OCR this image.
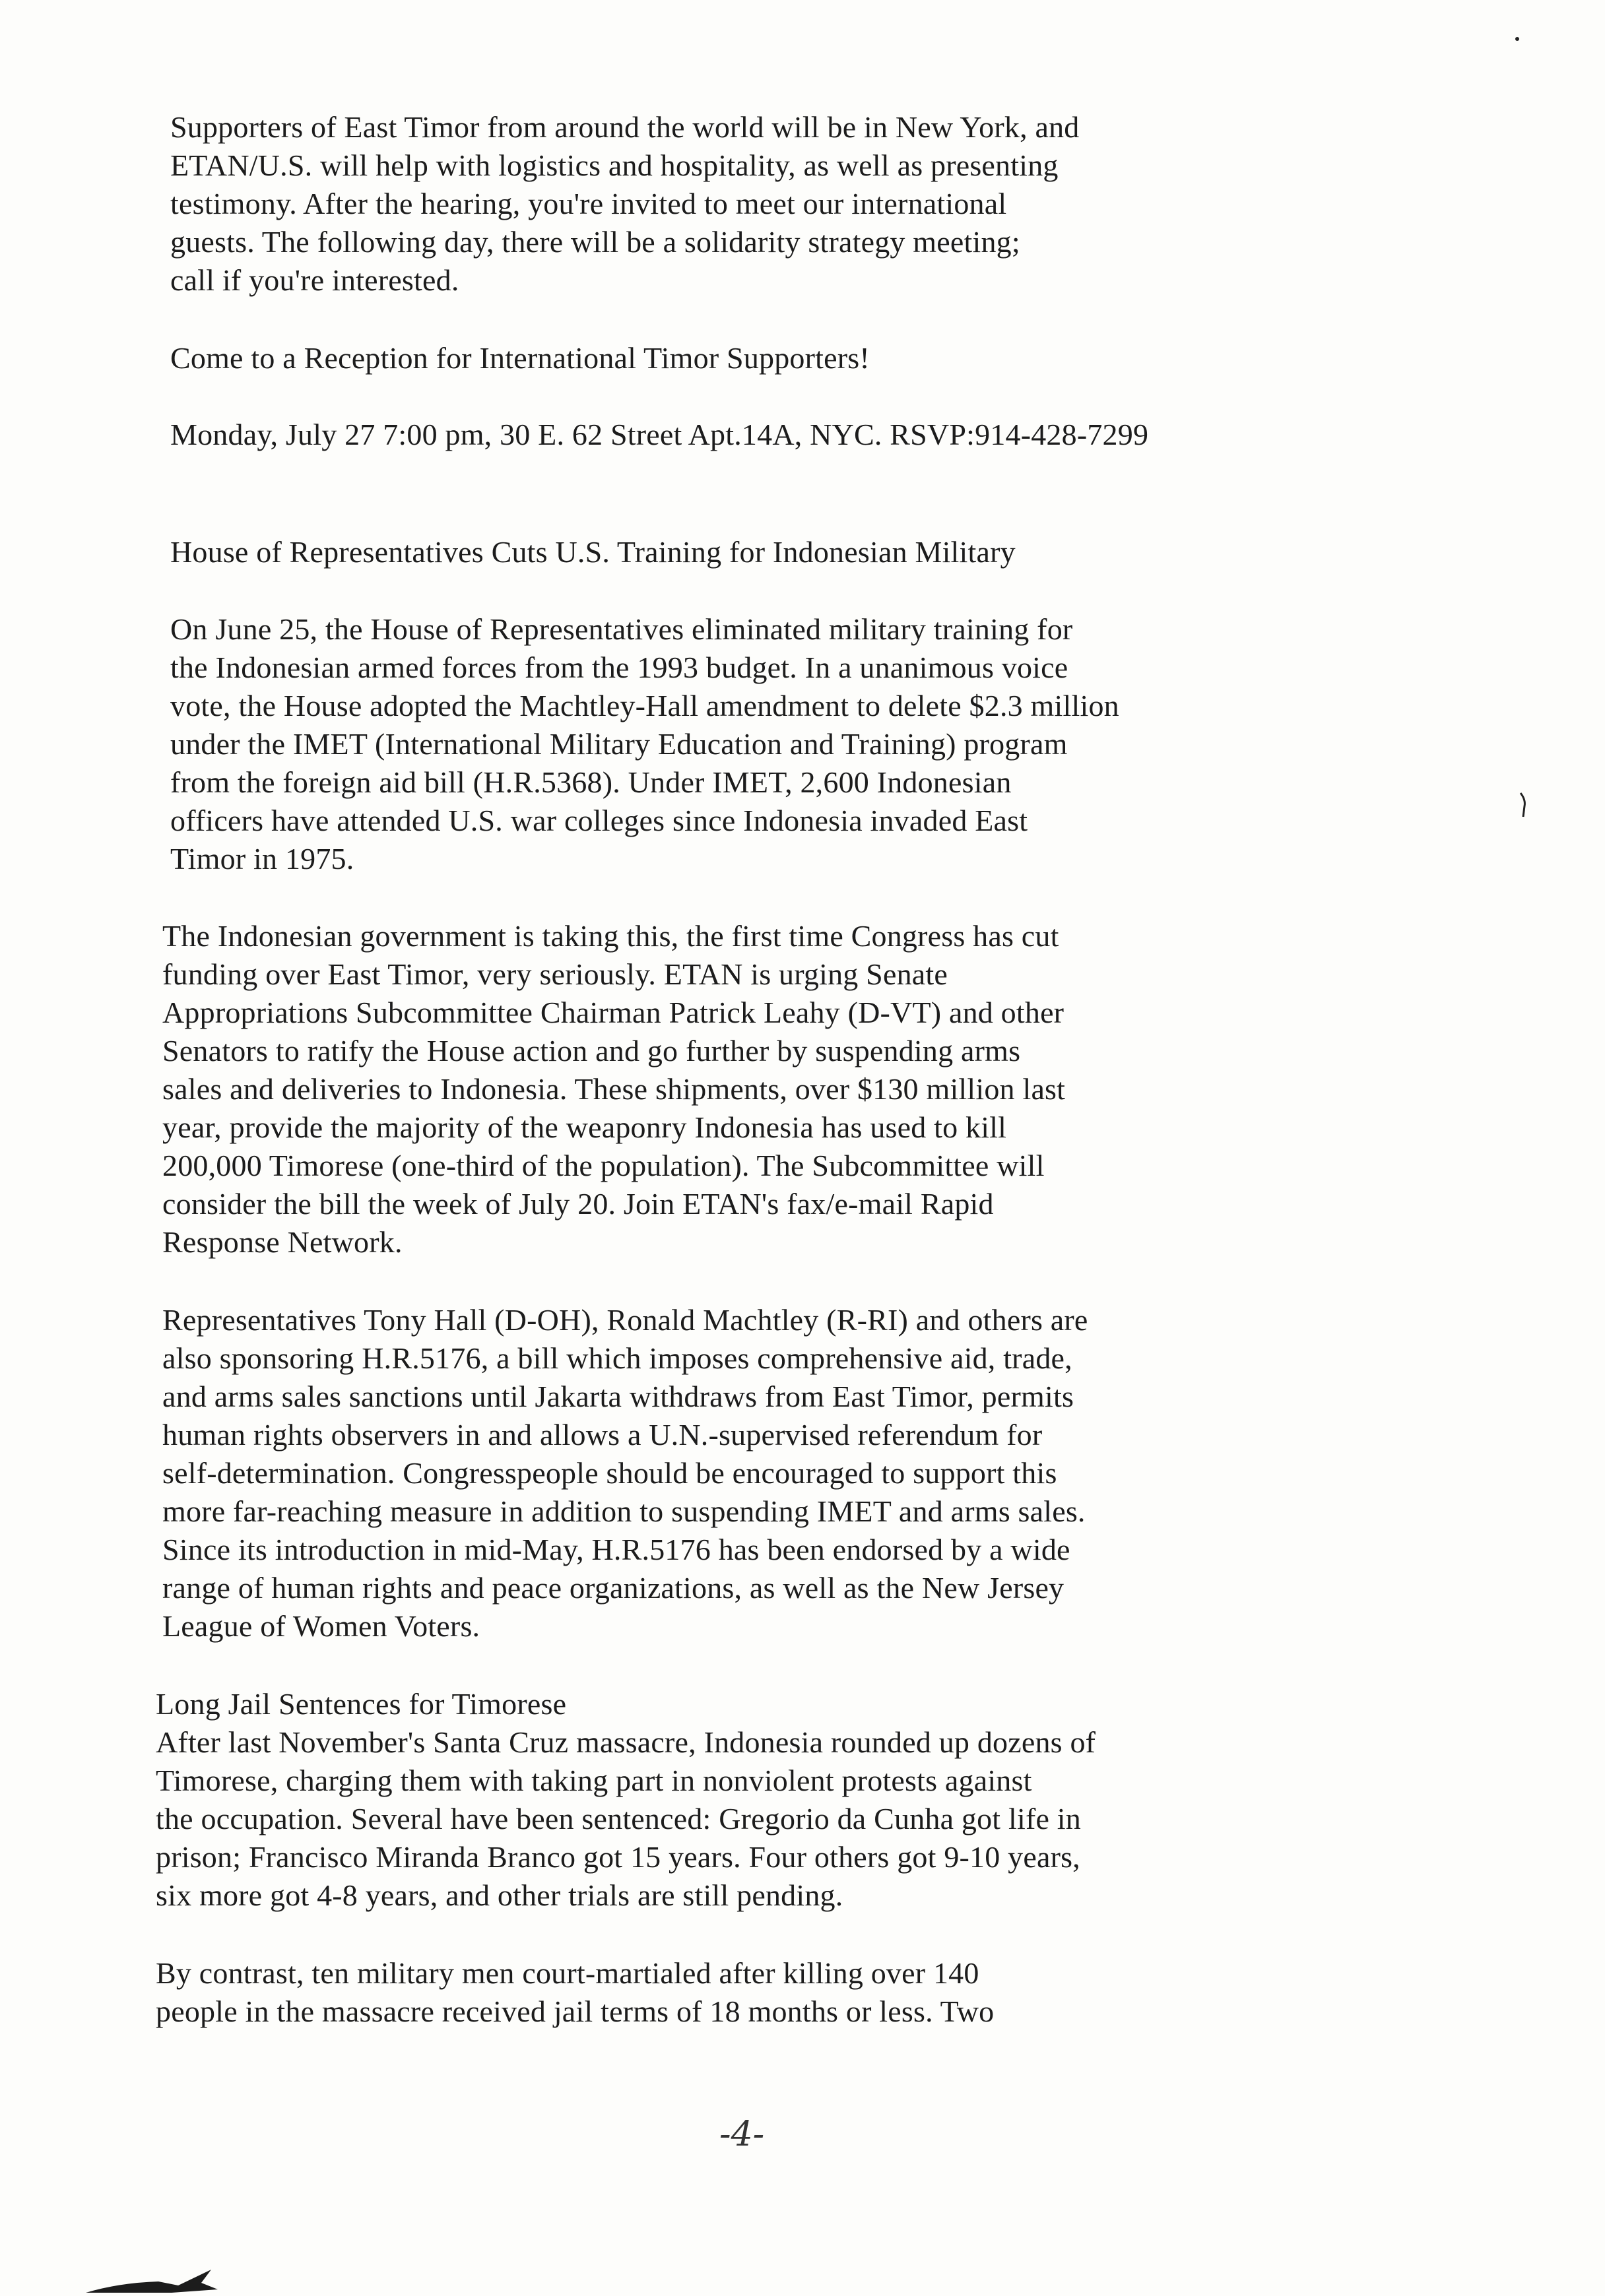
Supporters of East Timor from around the world will be in New York, and
ETAN/U.S. will help with logistics and hospitality, as well as presenting
testimony. After the hearing, you're invited to meet our international
guests. The following day, there will be a solidarity strategy meeting;
call if you're interested.
Come to a Reception for International Timor Supporters!
Monday, July 27 7:00 pm, 30 E. 62 Street Apt.14A, NYC. RSVP:914-428-7299
House of Representatives Cuts U.S. Training for Indonesian Military
On June 25, the House of Representatives eliminated military training for
the Indonesian armed forces from the 1993 budget. In a unanimous voice
vote, the House adopted the Machtley-Hall amendment to delete $2.3 million
under the IMET (International Military Education and Training) program
from the foreign aid bill (H.R.5368). Under IMET, 2,600 Indonesian
officers have attended U.S. war colleges since Indonesia invaded East
Timor in 1975.
The Indonesian government is taking this, the first time Congress has cut
funding over East Timor, very seriously. ETAN is urging Senate
Appropriations Subcommittee Chairman Patrick Leahy (D-VT) and other
Senators to ratify the House action and go further by suspending arms
sales and deliveries to Indonesia. These shipments, over $130 million last
year, provide the majority of the weaponry Indonesia has used to kill
200,000 Timorese (one-third of the population). The Subcommittee will
consider the bill the week of July 20. Join ETAN's fax/e-mail Rapid
Response Network.
Representatives Tony Hall (D-OH), Ronald Machtley (R-RI) and others are
also sponsoring H.R.5176, a bill which imposes comprehensive aid, trade,
and arms sales sanctions until Jakarta withdraws from East Timor, permits
human rights observers in and allows a U.N.-supervised referendum for
self-determination. Congresspeople should be encouraged to support this
more far-reaching measure in addition to suspending IMET and arms sales.
Since its introduction in mid-May, H.R.5176 has been endorsed by a wide
range of human rights and peace organizations, as well as the New Jersey
League of Women Voters.
Long Jail Sentences for Timorese
After last November's Santa Cruz massacre, Indonesia rounded up dozens of
Timorese, charging them with taking part in nonviolent protests against
the occupation. Several have been sentenced: Gregorio da Cunha got life in
prison; Francisco Miranda Branco got 15 years. Four others got 9-10 years,
six more got 4-8 years, and other trials are still pending.
By contrast, ten military men court-martialed after killing over 140
people in the massacre received jail terms of 18 months or less. Two
-4-
